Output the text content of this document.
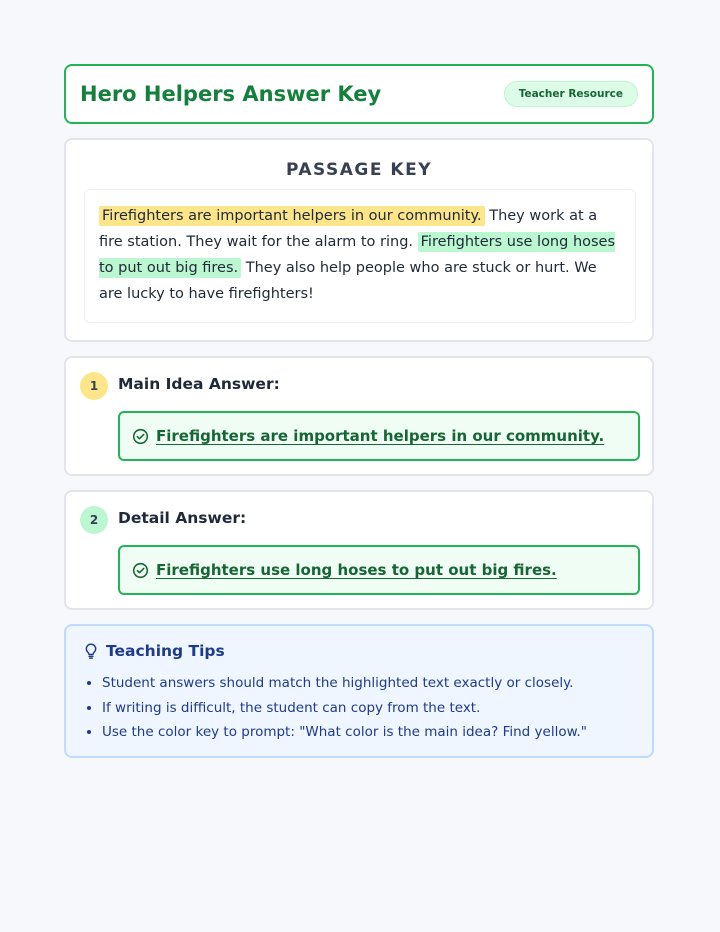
Hero Helpers Answer Key	Teacher Resource
PASSAGE KEY
Firefighters are important helpers in our community. They work at a fire station. They wait for the alarm to ring. Firefighters use long hoses to put out big fires. They also help people who are stuck or hurt. We are lucky to have firefighters!
1	Main Idea Answer:
Firefighters are important helpers in our community.
2	Detail Answer:
Firefighters use long hoses to put out big fires.
Teaching Tips
• Student answers should match the highlighted text exactly or closely.
• If writing is difficult, the student can copy from the text.
• Use the color key to prompt: "What color is the main idea? Find yellow."
